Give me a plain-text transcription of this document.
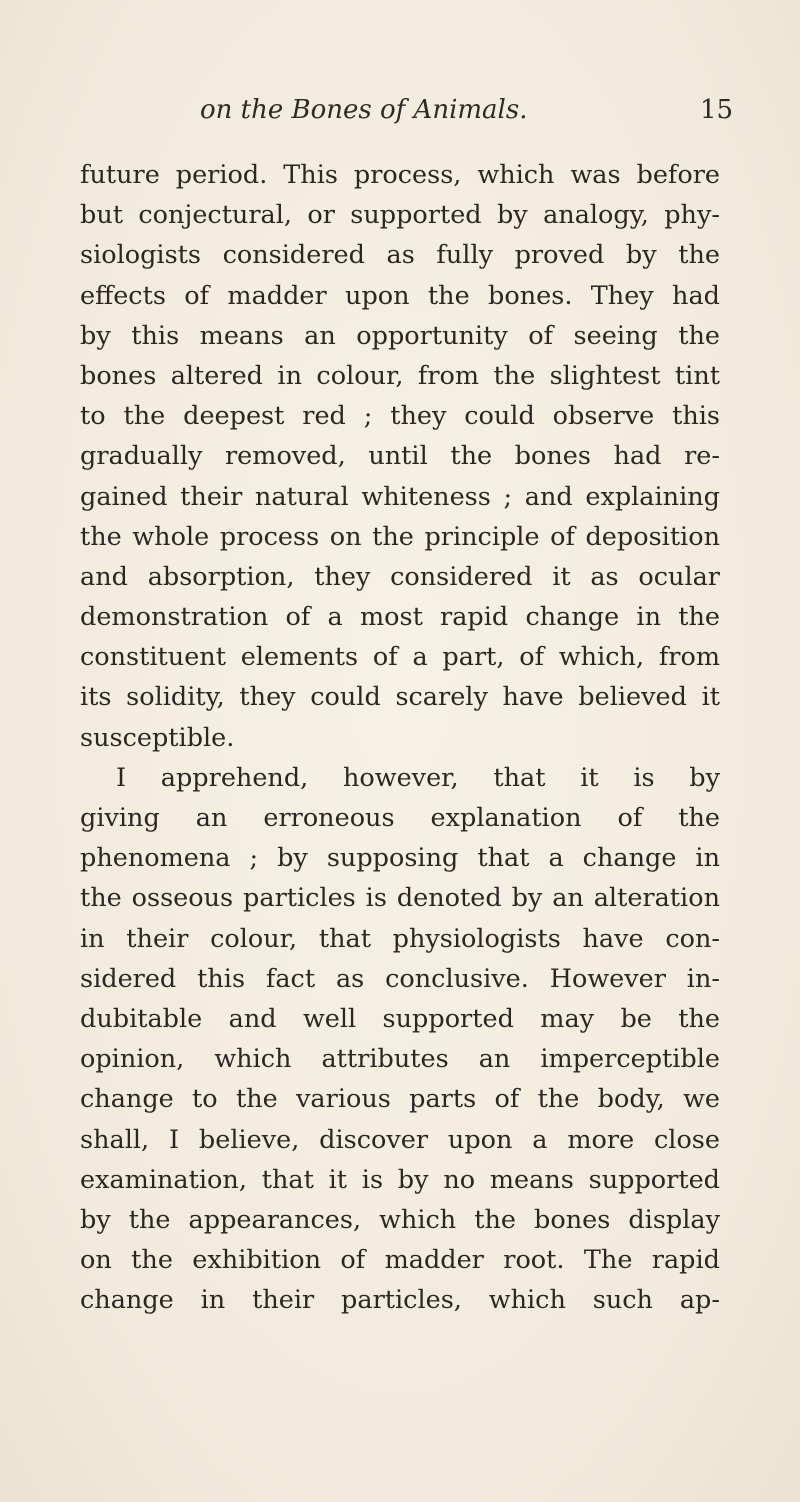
on the Bones of Animals.	15
future period. This process, which was before
but conjectural, or supported by analogy, phy-
siologists considered as fully proved by the
effects of madder upon the bones. They had
by this means an opportunity of seeing the
bones altered in colour, from the slightest tint
to the deepest red ; they could observe this
gradually removed, until the bones had re-
gained their natural whiteness ; and explaining
the whole process on the principle of deposition
and absorption, they considered it as ocular
demonstration of a most rapid change in the
constituent elements of a part, of which, from
its solidity, they could scarely have believed it
susceptible.
I apprehend, however, that it is by
giving an erroneous explanation of the
phenomena ; by supposing that a change in
the osseous particles is denoted by an alteration
in their colour, that physiologists have con-
sidered this fact as conclusive. However in-
dubitable and well supported may be the
opinion, which attributes an imperceptible
change to the various parts of the body, we
shall, I believe, discover upon a more close
examination, that it is by no means supported
by the appearances, which the bones display
on the exhibition of madder root. The rapid
change in their particles, which such ap-
